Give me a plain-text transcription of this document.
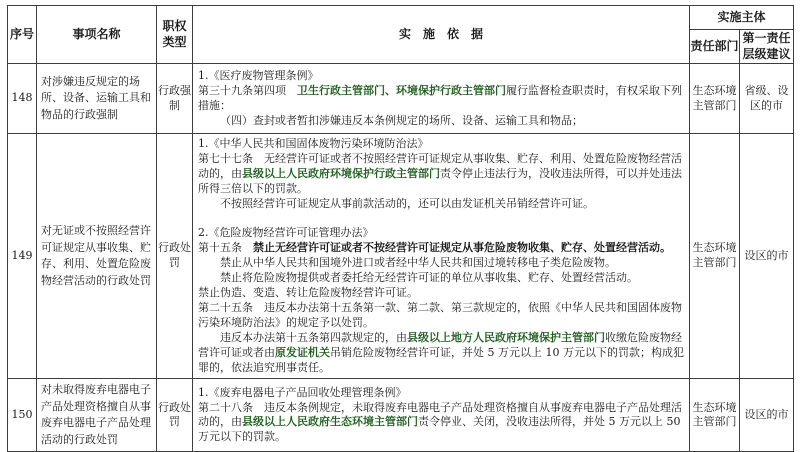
序号	事项名称	职权类型	实　施　依　据	实施主体	
				责任部门	第一责任层级建议
148	对涉嫌违反规定的场所、设备、运输工具和物品的行政强制	行政强制	1.《医疗废物管理条例》
第三十九条第四项　卫生行政主管部门、环境保护行政主管部门履行监督检查职责时，有权采取下列措施：
（四）查封或者暂扣涉嫌违反本条例规定的场所、设备、运输工具和物品；	生态环境主管部门	省级、设区的市
149	对无证或不按照经营许可证规定从事收集、贮存、利用、处置危险废物经营活动的行政处罚	行政处罚	
1.《中华人民共和国固体废物污染环境防治法》
第七十七条　无经营许可证或者不按照经营许可证规定从事收集、贮存、利用、处置危险废物经营活动的，由县级以上人民政府环境保护行政主管部门责令停止违法行为，没收违法所得，可以并处违法所得三倍以下的罚款。
不按照经营许可证规定从事前款活动的，还可以由发证机关吊销经营许可证。
2.《危险废物经营许可证管理办法》
第十五条　禁止无经营许可证或者不按经营许可证规定从事危险废物收集、贮存、处置经营活动。
禁止从中华人民共和国境外进口或者经中华人民共和国过境转移电子类危险废物。
禁止将危险废物提供或者委托给无经营许可证的单位从事收集、贮存、处置经营活动。
禁止伪造、变造、转让危险废物经营许可证。
第二十五条　违反本办法第十五条第一款、第二款、第三款规定的，依照《中华人民共和国固体废物污染环境防治法》的规定予以处罚。
违反本办法第十五条第四款规定的，由县级以上地方人民政府环境保护主管部门收缴危险废物经营许可证或者由原发证机关吊销危险废物经营许可证，并处 5 万元以上 10 万元以下的罚款；构成犯罪的，依法追究刑事责任。
	生态环境主管部门	设区的市
150	对未取得废弃电器电子产品处理资格擅自从事废弃电器电子产品处理活动的行政处罚	行政处罚	1.《废弃电器电子产品回收处理管理条例》
第二十八条　违反本条例规定，未取得废弃电器电子产品处理资格擅自从事废弃电器电子产品处理活动的，由县级以上人民政府生态环境主管部门责令停业、关闭，没收违法所得，并处 5 万元以上 50 万元以下的罚款。	生态环境主管部门	设区的市
